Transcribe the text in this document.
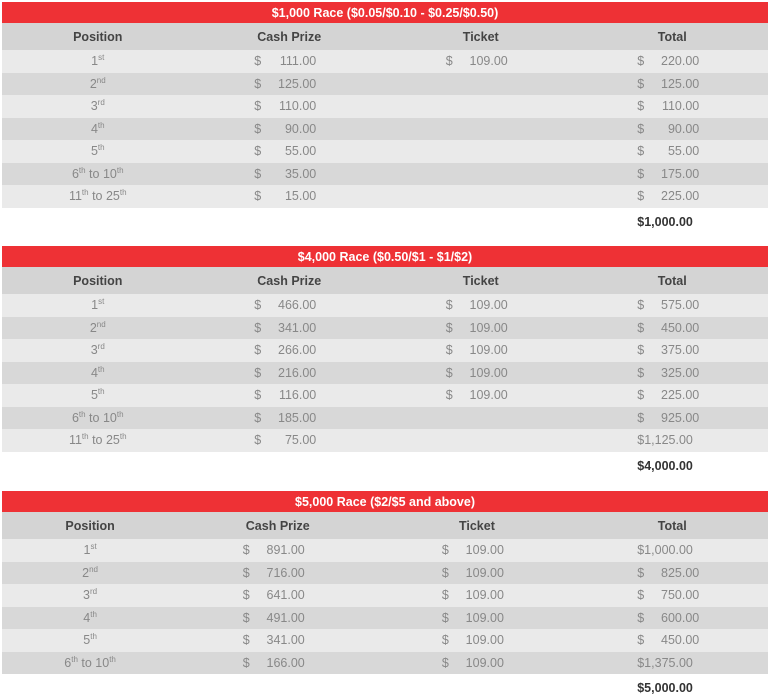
$1,000 Race ($0.05/$0.10 - $0.25/$0.50)
Position	Cash Prize	Ticket	Total
1st	$ 111.00	$ 109.00	$ 220.00
2nd	$ 125.00		$ 125.00
3rd	$ 110.00		$ 110.00
4th	$ 90.00		$ 90.00
5th	$ 55.00		$ 55.00
6th to 10th	$ 35.00		$ 175.00
11th to 25th	$ 15.00		$ 225.00
			$1,000.00
$4,000 Race ($0.50/$1 - $1/$2)
Position	Cash Prize	Ticket	Total
1st	$ 466.00	$ 109.00	$ 575.00
2nd	$ 341.00	$ 109.00	$ 450.00
3rd	$ 266.00	$ 109.00	$ 375.00
4th	$ 216.00	$ 109.00	$ 325.00
5th	$ 116.00	$ 109.00	$ 225.00
6th to 10th	$ 185.00		$ 925.00
11th to 25th	$ 75.00		$1,125.00
			$4,000.00
$5,000 Race ($2/$5 and above)
Position	Cash Prize	Ticket	Total
1st	$ 891.00	$ 109.00	$1,000.00
2nd	$ 716.00	$ 109.00	$ 825.00
3rd	$ 641.00	$ 109.00	$ 750.00
4th	$ 491.00	$ 109.00	$ 600.00
5th	$ 341.00	$ 109.00	$ 450.00
6th to 10th	$ 166.00	$ 109.00	$1,375.00
			$5,000.00
